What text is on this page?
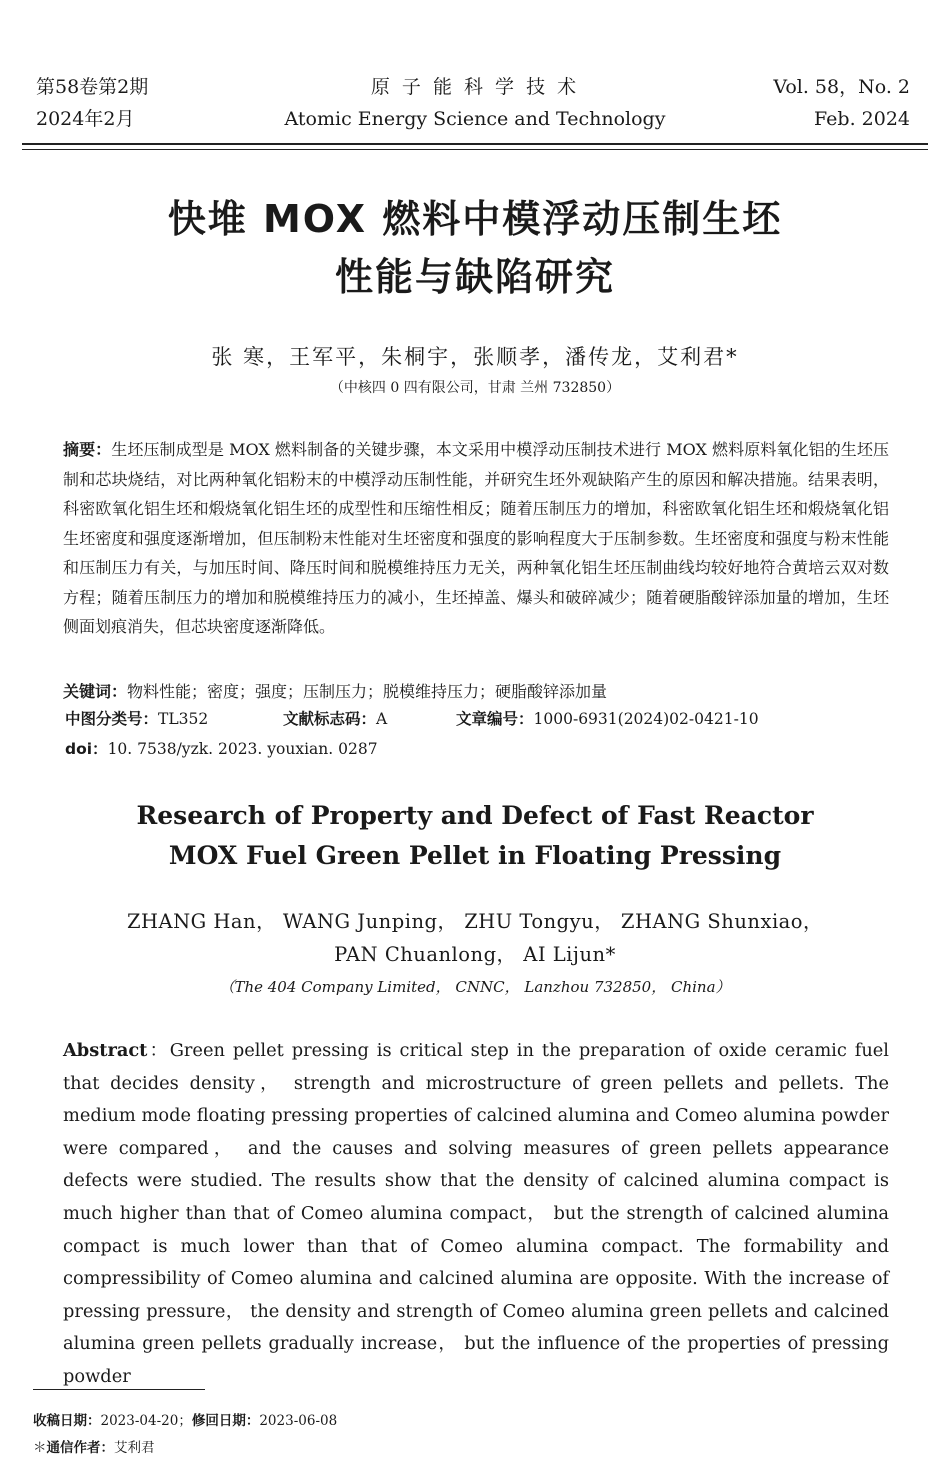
第58卷第2期
2024年2月
原 子 能 科 学 技 术
Atomic Energy Science and Technology
Vol. 58，No. 2
Feb. 2024
快堆 MOX 燃料中模浮动压制生坯
性能与缺陷研究
张 寒，王军平，朱桐宇，张顺孝，潘传龙，艾利君*
（中核四 0 四有限公司，甘肃 兰州 732850）
摘要：生坯压制成型是 MOX 燃料制备的关键步骤，本文采用中模浮动压制技术进行 MOX 燃料原料氧化铝的生坯压制和芯块烧结，对比两种氧化铝粉末的中模浮动压制性能，并研究生坯外观缺陷产生的原因和解决措施。结果表明，科密欧氧化铝生坯和煅烧氧化铝生坯的成型性和压缩性相反；随着压制压力的增加，科密欧氧化铝生坯和煅烧氧化铝生坯密度和强度逐渐增加，但压制粉末性能对生坯密度和强度的影响程度大于压制参数。生坯密度和强度与粉末性能和压制压力有关，与加压时间、降压时间和脱模维持压力无关，两种氧化铝生坯压制曲线均较好地符合黄培云双对数方程；随着压制压力的增加和脱模维持压力的减小，生坯掉盖、爆头和破碎减少；随着硬脂酸锌添加量的增加，生坯侧面划痕消失，但芯块密度逐渐降低。
关键词：物料性能；密度；强度；压制压力；脱模维持压力；硬脂酸锌添加量
中图分类号：TL352	文献标志码：A	文章编号：1000-6931(2024)02-0421-10
doi：10. 7538/yzk. 2023. youxian. 0287
Research of Property and Defect of Fast Reactor
MOX Fuel Green Pellet in Floating Pressing
ZHANG Han， WANG Junping， ZHU Tongyu， ZHANG Shunxiao，
PAN Chuanlong， AI Lijun*
（The 404 Company Limited， CNNC， Lanzhou 732850， China）
Abstract：Green pellet pressing is critical step in the preparation of oxide ceramic fuel that decides density， strength and microstructure of green pellets and pellets. The medium mode floating pressing properties of calcined alumina and Comeo alumina powder were compared， and the causes and solving measures of green pellets appearance defects were studied. The results show that the density of calcined alumina compact is much higher than that of Comeo alumina compact， but the strength of calcined alumina compact is much lower than that of Comeo alumina compact. The formability and compressibility of Comeo alumina and calcined alumina are opposite. With the increase of pressing pressure， the density and strength of Comeo alumina green pellets and calcined alumina green pellets gradually increase， but the influence of the properties of pressing powder
收稿日期：2023-04-20；修回日期：2023-06-08
＊通信作者：艾利君
